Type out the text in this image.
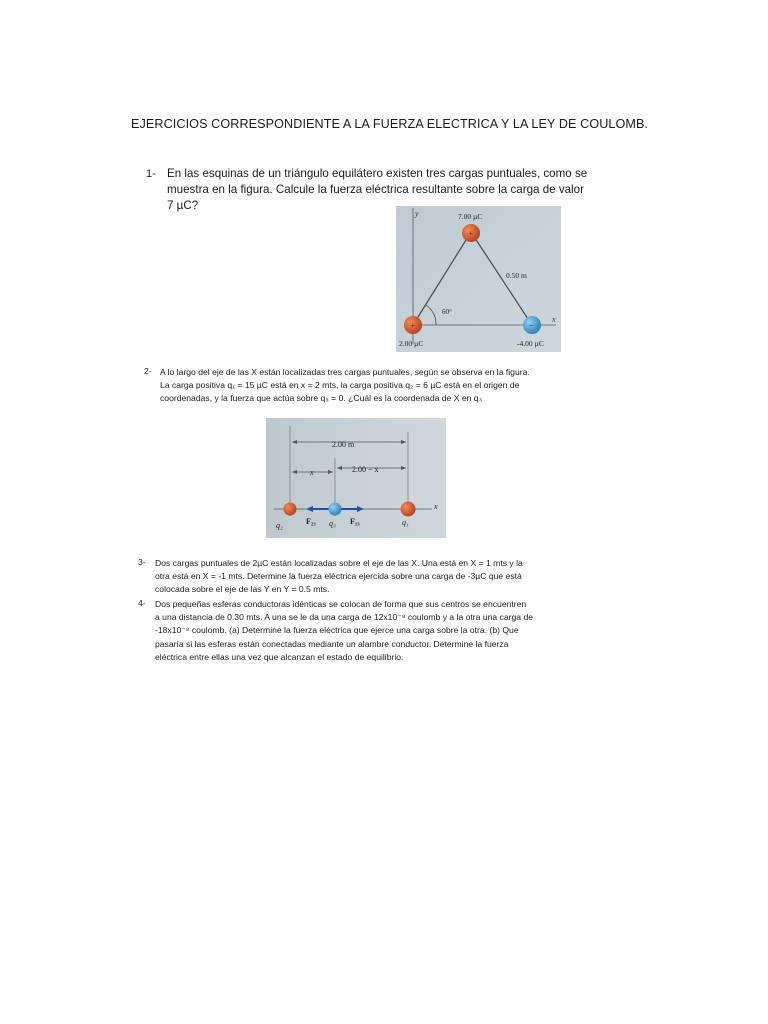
EJERCICIOS CORRESPONDIENTE A LA FUERZA ELECTRICA Y LA LEY DE COULOMB.
1- En las esquinas de un triángulo equilátero existen tres cargas puntuales, como se
muestra en la figura. Calcule la fuerza eléctrica resultante sobre la carga de valor
7 µC?
y
x
60°
0.50 m
+
+	–
7.00 µC
2.00 µC	-4.00 µC
2- A lo largo del eje de las X están localizadas tres cargas puntuales, según se observa en la figura.
La carga positiva q₁ = 15 µC está en x = 2 mts, la carga positiva q₂ = 6 µC está en el origen de
coordenadas, y la fuerza que actúa sobre q₃ = 0. ¿Cuál es la coordenada de X en q₃
2.00 m
x	2.00 − x
x
q₂	F₂₃ q₃ F₁₃	q₁
3- Dos cargas puntuales de 2µC están localizadas sobre el eje de las X. Una está en X = 1 mts y la
otra está en X = -1 mts. Determine la fuerza eléctrica ejercida sobre una carga de -3µC que está
colocada sobre el eje de las Y en Y = 0.5 mts.
4- Dos pequeñas esferas conductoras idénticas se colocan de forma que sus centros se encuentren
a una distancia de 0.30 mts. A una se le da una carga de 12x10⁻⁹ coulomb y a la otra una carga de
-18x10⁻⁹ coulomb. (a) Determine la fuerza eléctrica que ejerce una carga sobre la otra. (b) Que
pasaría si las esferas están conectadas mediante un alambre conductor. Determine la fuerza
eléctrica entre ellas una vez que alcanzan el estado de equilibrio.
